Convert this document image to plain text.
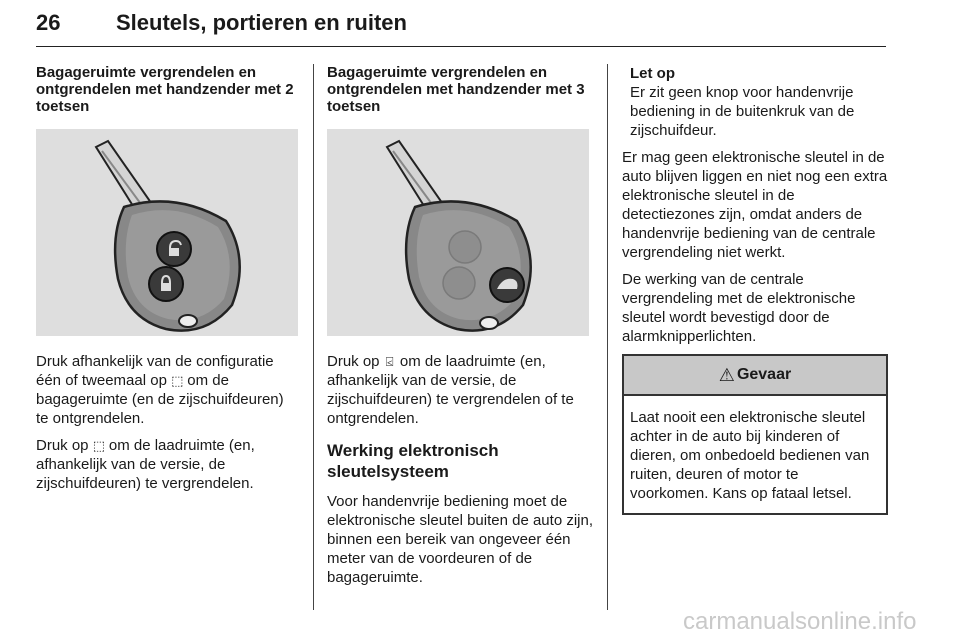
26	Sleutels, portieren en ruiten

Bagageruimte vergrendelen en ontgrendelen met handzender met 2 toetsen

Druk afhankelijk van de configuratie één of tweemaal op ⬚ om de bagageruimte (en de zijschuifdeuren) te ontgrendelen.

Druk op ⬚ om de laadruimte (en, afhankelijk van de versie, de zijschuifdeuren) te vergrendelen.

Bagageruimte vergrendelen en ontgrendelen met handzender met 3 toetsen

Druk op ⍃ om de laadruimte (en, afhankelijk van de versie, de zijschuifdeuren) te vergrendelen of te ontgrendelen.

Werking elektronisch sleutelsysteem

Voor handenvrije bediening moet de elektronische sleutel buiten de auto zijn, binnen een bereik van ongeveer één meter van de voordeuren of de bagageruimte.

Let op
Er zit geen knop voor handenvrije bediening in de buitenkruk van de zijschuifdeur.

Er mag geen elektronische sleutel in de auto blijven liggen en niet nog een extra elektronische sleutel in de detectiezones zijn, omdat anders de handenvrije bediening van de centrale vergrendeling niet werkt.

De werking van de centrale vergrendeling met de elektronische sleutel wordt bevestigd door de alarmknipperlichten.

⚠ Gevaar
Laat nooit een elektronische sleutel achter in de auto bij kinderen of dieren, om onbedoeld bedienen van ruiten, deuren of motor te voorkomen. Kans op fataal letsel.
carmanualsonline.info
